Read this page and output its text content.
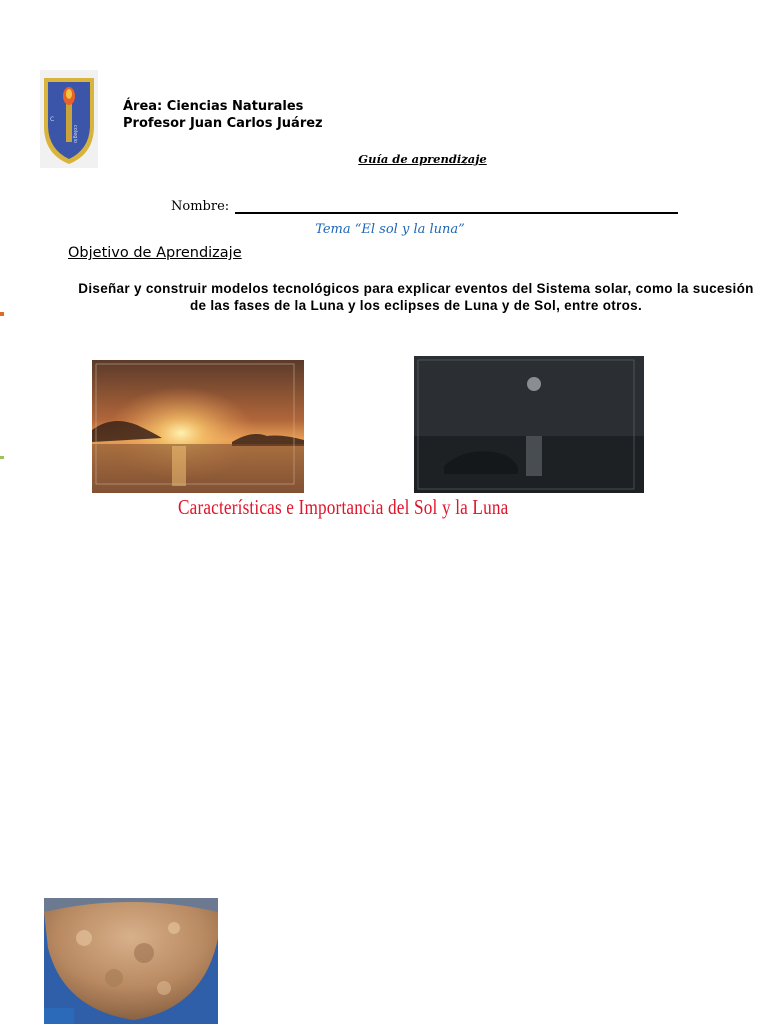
C
colegio
Área: Ciencias Naturales
Profesor Juan Carlos Juárez
Guía de aprendizaje
Nombre:
Tema “El sol y la luna”
Objetivo de Aprendizaje
Diseñar y construir modelos tecnológicos para explicar eventos del Sistema solar, como la sucesión de las fases de la Luna y los eclipses de Luna y de Sol, entre otros.
Características e Importancia del Sol y la Luna
